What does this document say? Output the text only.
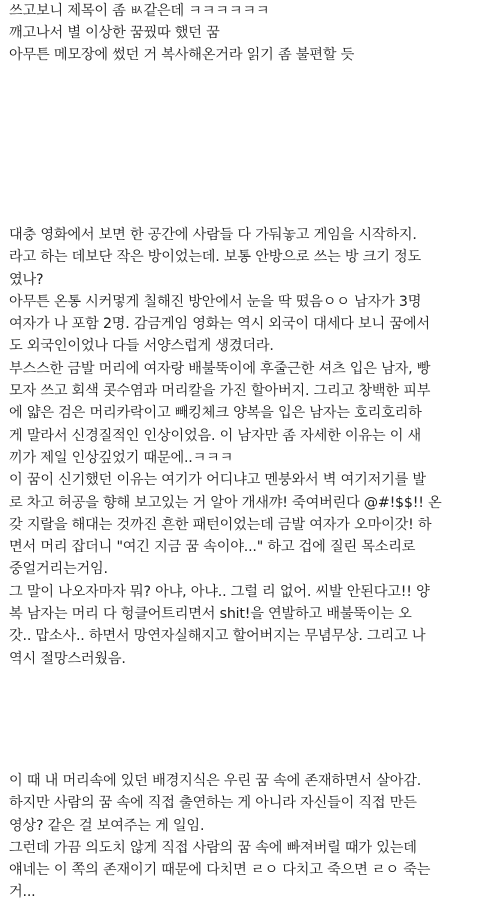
쓰고보니 제목이 좀 ㅄ같은데 ㅋㅋㅋㅋㅋㅋ
깨고나서 별 이상한 꿈꿨따 했던 꿈
아무튼 메모장에 썼던 거 복사해온거라 읽기 좀 불편할 듯
대충 영화에서 보면 한 공간에 사람들 다 가둬놓고 게임을 시작하지.
라고 하는 데보단 작은 방이었는데. 보통 안방으로 쓰는 방 크기 정도
였나?
아무튼 온통 시커멓게 칠해진 방안에서 눈을 딱 떴음ㅇㅇ 남자가 3명
여자가 나 포함 2명. 감금게임 영화는 역시 외국이 대세다 보니 꿈에서
도 외국인이었나 다들 서양스럽게 생겼더라.
부스스한 금발 머리에 여자랑 배불뚝이에 후줄근한 셔츠 입은 남자, 빵
모자 쓰고 회색 콧수염과 머리칼을 가진 할아버지. 그리고 창백한 피부
에 얇은 검은 머리카락이고 빼킹체크 양복을 입은 남자는 호리호리하
게 말라서 신경질적인 인상이었음. 이 남자만 좀 자세한 이유는 이 새
끼가 제일 인상깊었기 때문에..ㅋㅋㅋ
이 꿈이 신기했던 이유는 여기가 어디냐고 멘붕와서 벽 여기저기를 발
로 차고 허공을 향해 보고있는 거 알아 개새꺄! 죽여버린다 @#!$$!! 온
갖 지랄을 해대는 것까진 흔한 패턴이었는데 금발 여자가 오마이갓! 하
면서 머리 잡더니 "여긴 지금 꿈 속이야..." 하고 겁에 질린 목소리로
중얼거리는거임.
그 말이 나오자마자 뭐? 아냐, 아냐.. 그럴 리 없어. 씨발 안된다고!! 양
복 남자는 머리 다 헝클어트리면서 shit!을 연발하고 배불뚝이는 오
갓.. 맙소사.. 하면서 망연자실해지고 할어버지는 무념무상. 그리고 나
역시 절망스러웠음.
이 때 내 머리속에 있던 배경지식은 우린 꿈 속에 존재하면서 살아감.
하지만 사람의 꿈 속에 직접 출연하는 게 아니라 자신들이 직접 만든
영상? 같은 걸 보여주는 게 일임.
그런데 가끔 의도치 않게 직접 사람의 꿈 속에 빠져버릴 때가 있는데
얘네는 이 쪽의 존재이기 때문에 다치면 ㄹㅇ 다치고 죽으면 ㄹㅇ 죽는
거...
